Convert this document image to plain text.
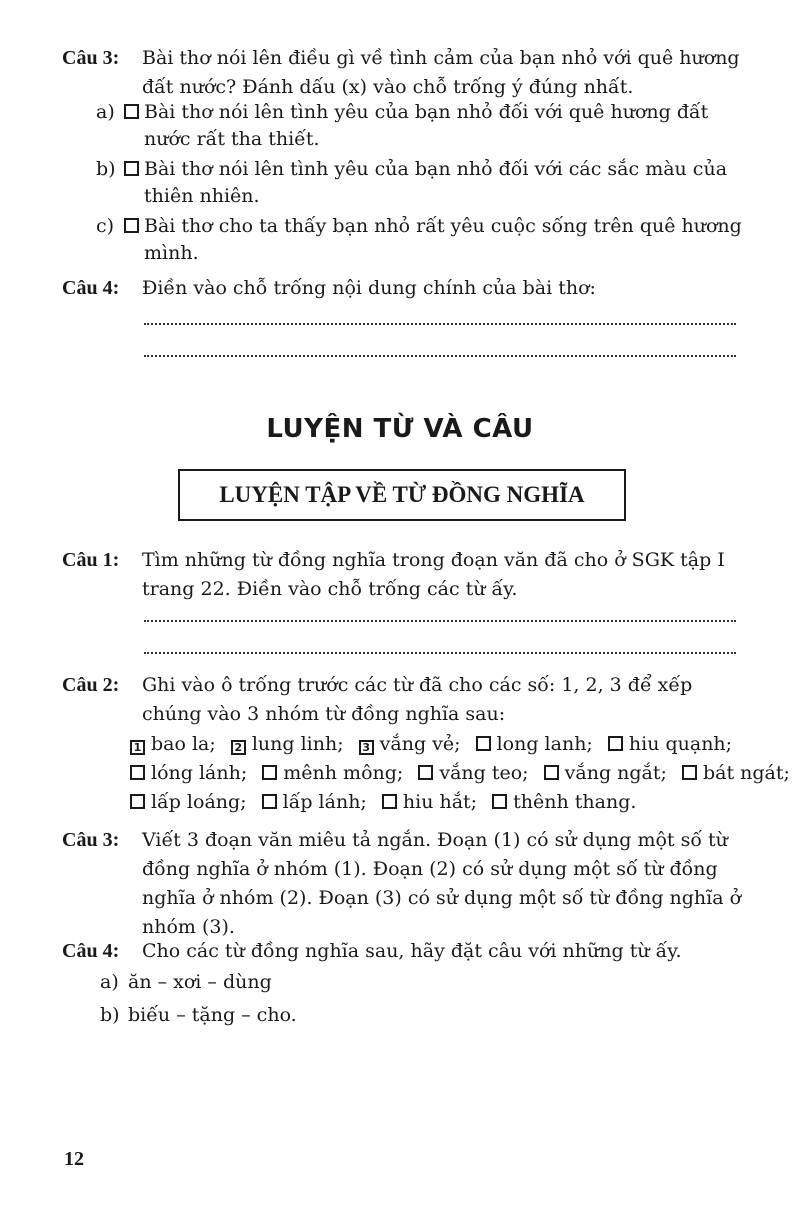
Câu 3: Bài thơ nói lên điều gì về tình cảm của bạn nhỏ với quê hương đất nước? Đánh dấu (x) vào chỗ trống ý đúng nhất.
a) Bài thơ nói lên tình yêu của bạn nhỏ đối với quê hương đất nước rất tha thiết.
b) Bài thơ nói lên tình yêu của bạn nhỏ đối với các sắc màu của thiên nhiên.
c) Bài thơ cho ta thấy bạn nhỏ rất yêu cuộc sống trên quê hương mình.
Câu 4: Điền vào chỗ trống nội dung chính của bài thơ:
LUYỆN TỪ VÀ CÂU
LUYỆN TẬP VỀ TỪ ĐỒNG NGHĨA
Câu 1: Tìm những từ đồng nghĩa trong đoạn văn đã cho ở SGK tập I trang 22. Điền vào chỗ trống các từ ấy.
Câu 2: Ghi vào ô trống trước các từ đã cho các số: 1, 2, 3 để xếp chúng vào 3 nhóm từ đồng nghĩa sau:
1 bao la; 2 lung linh; 3 vắng vẻ; long lanh; hiu quạnh;
lóng lánh; mênh mông; vắng teo; vắng ngắt; bát ngát;
lấp loáng; lấp lánh; hiu hắt; thênh thang.
Câu 3: Viết 3 đoạn văn miêu tả ngắn. Đoạn (1) có sử dụng một số từ đồng nghĩa ở nhóm (1). Đoạn (2) có sử dụng một số từ đồng nghĩa ở nhóm (2). Đoạn (3) có sử dụng một số từ đồng nghĩa ở nhóm (3).
Câu 4: Cho các từ đồng nghĩa sau, hãy đặt câu với những từ ấy.
a) ăn – xơi – dùng
b) biếu – tặng – cho.
12
